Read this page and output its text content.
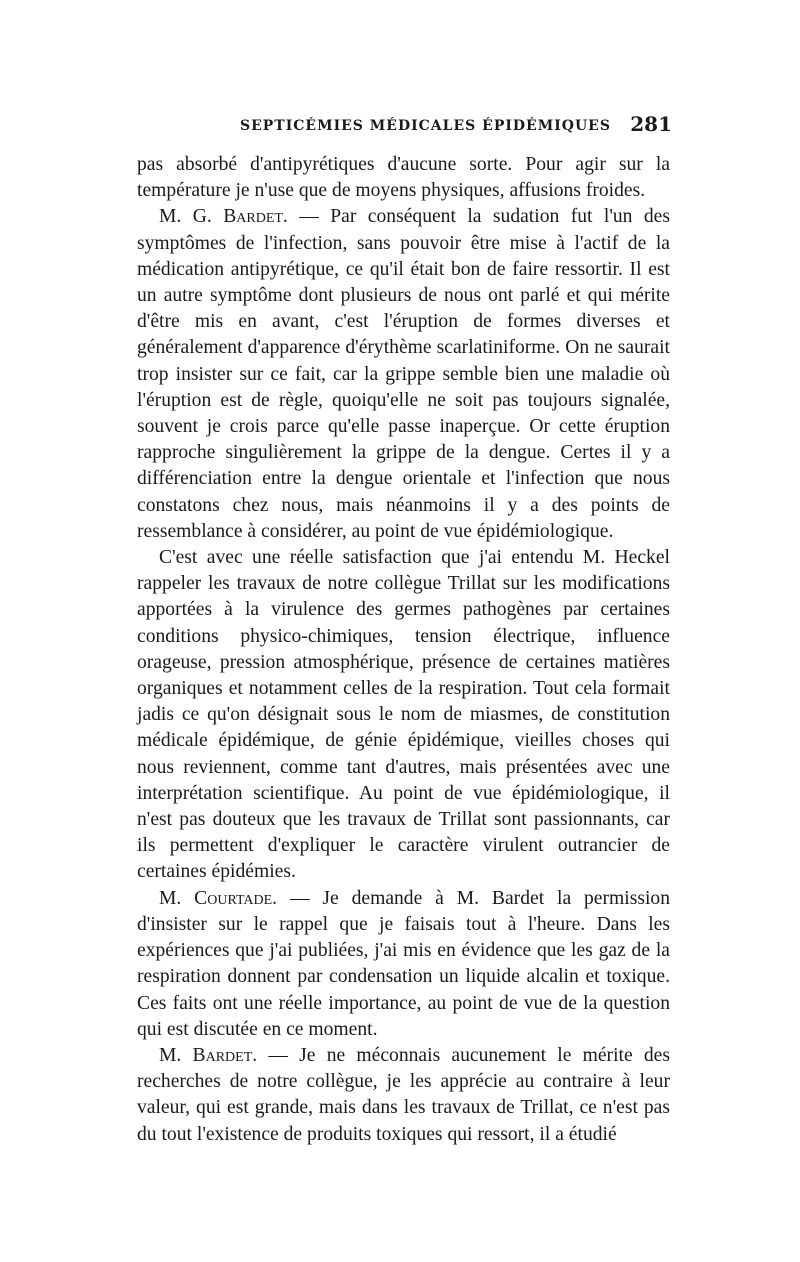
SEPTICÉMIES MÉDICALES ÉPIDÉMIQUES 281

pas absorbé d'antipyrétiques d'aucune sorte. Pour agir sur la température je n'use que de moyens physiques, affusions froides.

M. G. Bardet. — Par conséquent la sudation fut l'un des symptômes de l'infection, sans pouvoir être mise à l'actif de la médication antipyrétique, ce qu'il était bon de faire ressortir. Il est un autre symptôme dont plusieurs de nous ont parlé et qui mérite d'être mis en avant, c'est l'éruption de formes diverses et généralement d'apparence d'érythème scarlatiniforme. On ne saurait trop insister sur ce fait, car la grippe semble bien une maladie où l'éruption est de règle, quoiqu'elle ne soit pas toujours signalée, souvent je crois parce qu'elle passe inaperçue. Or cette éruption rapproche singulièrement la grippe de la dengue. Certes il y a différenciation entre la dengue orientale et l'infection que nous constatons chez nous, mais néanmoins il y a des points de ressemblance à considérer, au point de vue épidémiologique.

C'est avec une réelle satisfaction que j'ai entendu M. Heckel rappeler les travaux de notre collègue Trillat sur les modifications apportées à la virulence des germes pathogènes par certaines conditions physico-chimiques, tension électrique, influence orageuse, pression atmosphérique, présence de certaines matières organiques et notamment celles de la respiration. Tout cela formait jadis ce qu'on désignait sous le nom de miasmes, de constitution médicale épidémique, de génie épidémique, vieilles choses qui nous reviennent, comme tant d'autres, mais présentées avec une interprétation scientifique. Au point de vue épidémiologique, il n'est pas douteux que les travaux de Trillat sont passionnants, car ils permettent d'expliquer le caractère virulent outrancier de certaines épidémies.

M. Courtade. — Je demande à M. Bardet la permission d'insister sur le rappel que je faisais tout à l'heure. Dans les expériences que j'ai publiées, j'ai mis en évidence que les gaz de la respiration donnent par condensation un liquide alcalin et toxique. Ces faits ont une réelle importance, au point de vue de la question qui est discutée en ce moment.

M. Bardet. — Je ne méconnais aucunement le mérite des recherches de notre collègue, je les apprécie au contraire à leur valeur, qui est grande, mais dans les travaux de Trillat, ce n'est pas du tout l'existence de produits toxiques qui ressort, il a étudié
